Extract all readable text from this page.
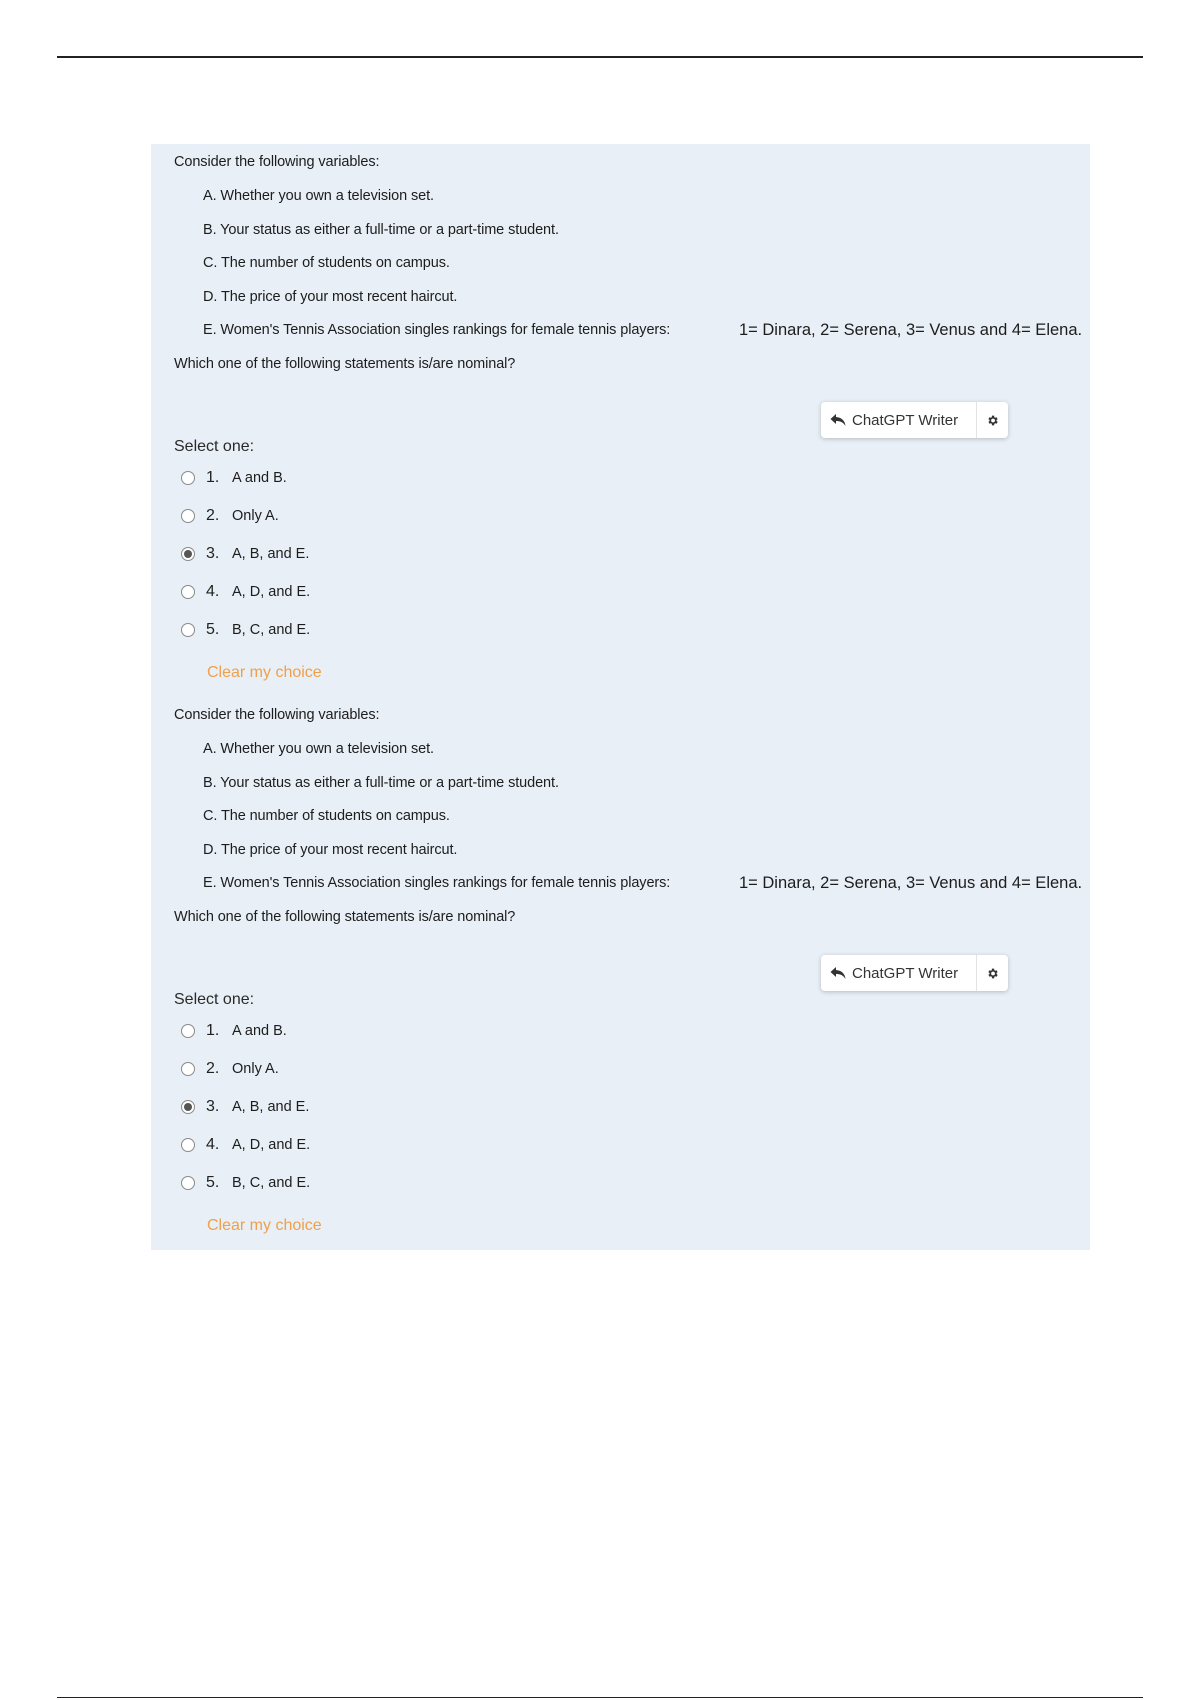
Consider the following variables:
A. Whether you own a television set.
B. Your status as either a full-time or a part-time student.
C. The number of students on campus.
D. The price of your most recent haircut.
E. Women's Tennis Association singles rankings for female tennis players:	1= Dinara, 2= Serena, 3= Venus and 4= Elena.
Which one of the following statements is/are nominal?
ChatGPT Writer
Select one:
1. A and B.
2. Only A.
3. A, B, and E.
4. A, D, and E.
5. B, C, and E.
Clear my choice
Consider the following variables:
A. Whether you own a television set.
B. Your status as either a full-time or a part-time student.
C. The number of students on campus.
D. The price of your most recent haircut.
E. Women's Tennis Association singles rankings for female tennis players:	1= Dinara, 2= Serena, 3= Venus and 4= Elena.
Which one of the following statements is/are nominal?
ChatGPT Writer
Select one:
1. A and B.
2. Only A.
3. A, B, and E.
4. A, D, and E.
5. B, C, and E.
Clear my choice
